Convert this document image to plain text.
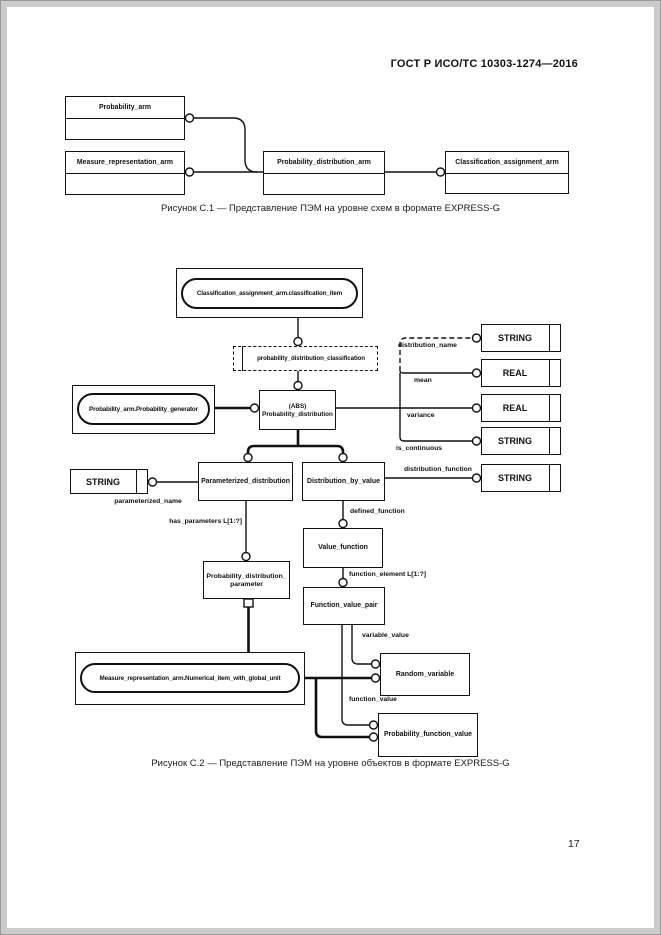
ГОСТ Р ИСО/ТС 10303-1274—2016
Probability_arm
Measure_representation_arm	Probability_distribution_arm	Classification_assignment_arm
Рисунок С.1 — Представление ПЭМ на уровне схем в формате EXPRESS-G
Classification_assignment_arm.classification_item
probability_distribution_classification
Probability_arm.Probability_generator	(ABS)
Probability_distribution
STRING
REAL
REAL
STRING
STRING
STRING	Parameterized_distribution	Distribution_by_value
Value_function
Function_value_pair
Probability_distribution_
parameter
Measure_representation_arm.Numerical_item_with_global_unit
Random_variable
Probability_function_value
distribution_name
mean
variance
is_continuous
distribution_function
parameterized_name
has_parameters L[1:?]
defined_function
function_element L[1:?]
variable_value
function_value
Рисунок С.2 — Представление ПЭМ на уровне объектов в формате EXPRESS-G
17
